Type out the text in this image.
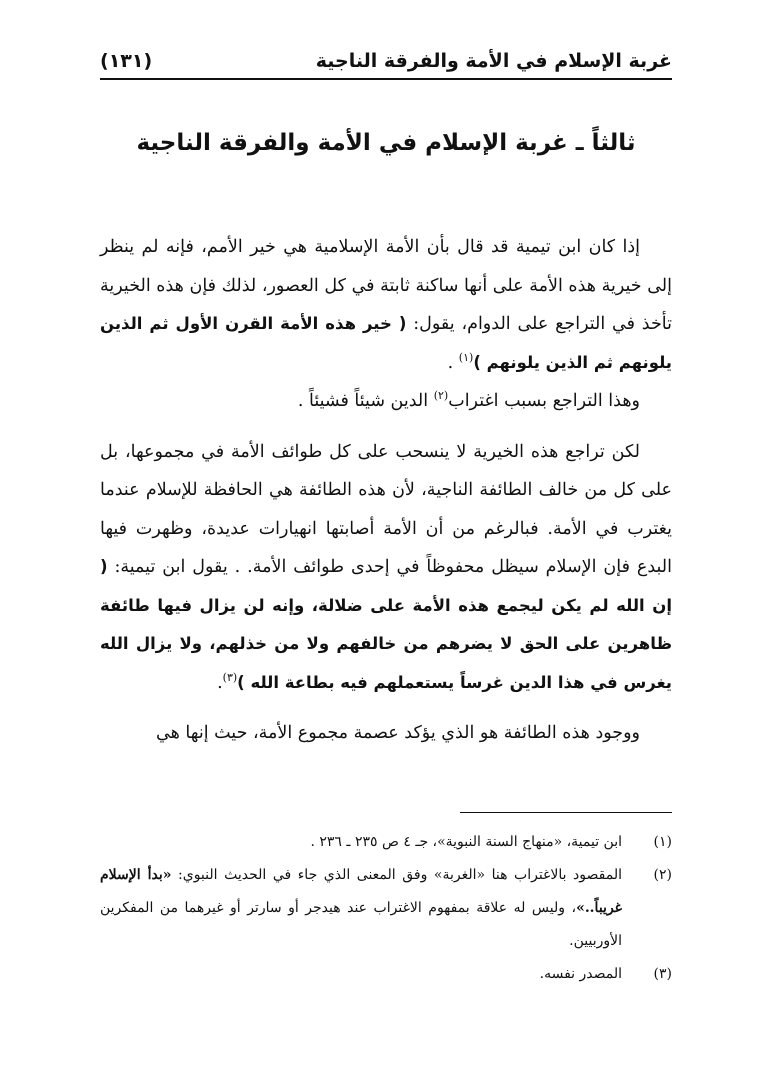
غربة الإسلام في الأمة والفرقة الناجية
(١٣١)
ثالثاً ـ غربة الإسلام في الأمة والفرقة الناجية

إذا كان ابن تيمية قد قال بأن الأمة الإسلامية هي خير الأمم، فإنه لم ينظر إلى خيرية هذه الأمة على أنها ساكنة ثابتة في كل العصور، لذلك فإن هذه الخيرية تأخذ في التراجع على الدوام، يقول: ( خير هذه الأمة القرن الأول ثم الذين يلونهم ثم الذين يلونهم )$^{(١)}$ .

وهذا التراجع بسبب اغتراب$^{(٢)}$ الدين شيئاً فشيئاً .

لكن تراجع هذه الخيرية لا ينسحب على كل طوائف الأمة في مجموعها، بل على كل من خالف الطائفة الناجية، لأن هذه الطائفة هي الحافظة للإسلام عندما يغترب في الأمة. فبالرغم من أن الأمة أصابتها انهيارات عديدة، وظهرت فيها البدع فإن الإسلام سيظل محفوظاً في إحدى طوائف الأمة. . يقول ابن تيمية: ( إن الله لم يكن ليجمع هذه الأمة على ضلالة، وإنه لن يزال فيها طائفة ظاهرين على الحق لا يضرهم من خالفهم ولا من خذلهم، ولا يزال الله يغرس في هذا الدين غرساً يستعملهم فيه بطاعة الله )$^{(٣)}$.

ووجود هذه الطائفة هو الذي يؤكد عصمة مجموع الأمة، حيث إنها هي

(١)
ابن تيمية، «منهاج السنة النبوية»، جـ ٤ ص ٢٣٥ ـ ٢٣٦ .
(٢)
المقصود بالاغتراب هنا «الغربة» وفق المعنى الذي جاء في الحديث النبوي: «بدأ الإسلام غريباً..»، وليس له علاقة بمفهوم الاغتراب عند هيدجر أو سارتر أو غيرهما من المفكرين الأوربيين.
(٣)
المصدر نفسه.
